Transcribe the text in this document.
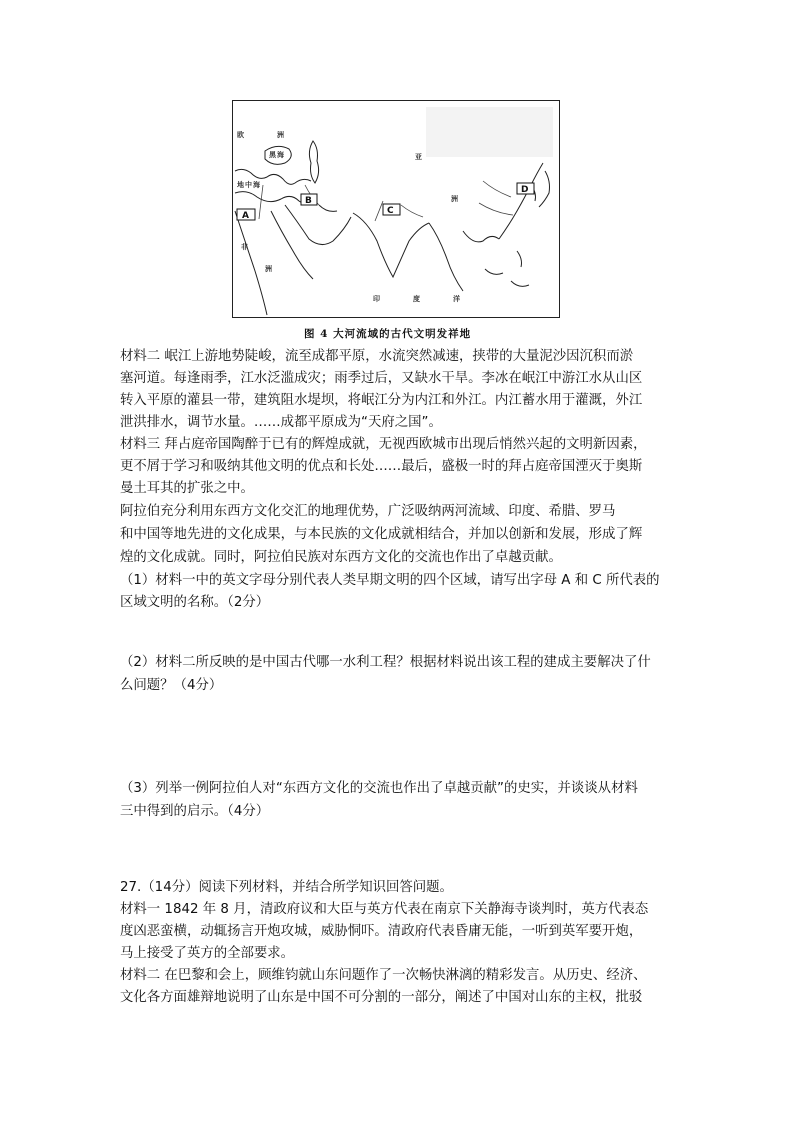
A
B
C
D
欧	洲
黑 海
地 中 海
亚
洲
非
洲
印	度	洋
图 4 大河流域的古代文明发祥地
材料二 岷江上游地势陡峻，流至成都平原，水流突然减速，挟带的大量泥沙因沉积而淤
塞河道。每逢雨季，江水泛滥成灾；雨季过后，又缺水干旱。李冰在岷江中游江水从山区
转入平原的灌县一带，建筑阻水堤坝，将岷江分为内江和外江。内江蓄水用于灌溉，外江
泄洪排水，调节水量。……成都平原成为“天府之国”。
材料三 拜占庭帝国陶醉于已有的辉煌成就，无视西欧城市出现后悄然兴起的文明新因素，
更不屑于学习和吸纳其他文明的优点和长处……最后，盛极一时的拜占庭帝国湮灭于奥斯
曼土耳其的扩张之中。
阿拉伯充分利用东西方文化交汇的地理优势，广泛吸纳两河流域、印度、希腊、罗马
和中国等地先进的文化成果，与本民族的文化成就相结合，并加以创新和发展，形成了辉
煌的文化成就。同时，阿拉伯民族对东西方文化的交流也作出了卓越贡献。
（1）材料一中的英文字母分别代表人类早期文明的四个区域，请写出字母 A 和 C 所代表的
区域文明的名称。（2分）
（2）材料二所反映的是中国古代哪一水利工程？根据材料说出该工程的建成主要解决了什
么问题？（4分）
（3）列举一例阿拉伯人对“东西方文化的交流也作出了卓越贡献”的史实，并谈谈从材料
三中得到的启示。（4分）
27.（14分）阅读下列材料，并结合所学知识回答问题。
材料一 1842 年 8 月，清政府议和大臣与英方代表在南京下关静海寺谈判时，英方代表态
度凶恶蛮横，动辄扬言开炮攻城，威胁恫吓。清政府代表昏庸无能，一听到英军要开炮，
马上接受了英方的全部要求。
材料二 在巴黎和会上，顾维钧就山东问题作了一次畅快淋漓的精彩发言。从历史、经济、
文化各方面雄辩地说明了山东是中国不可分割的一部分，阐述了中国对山东的主权，批驳
